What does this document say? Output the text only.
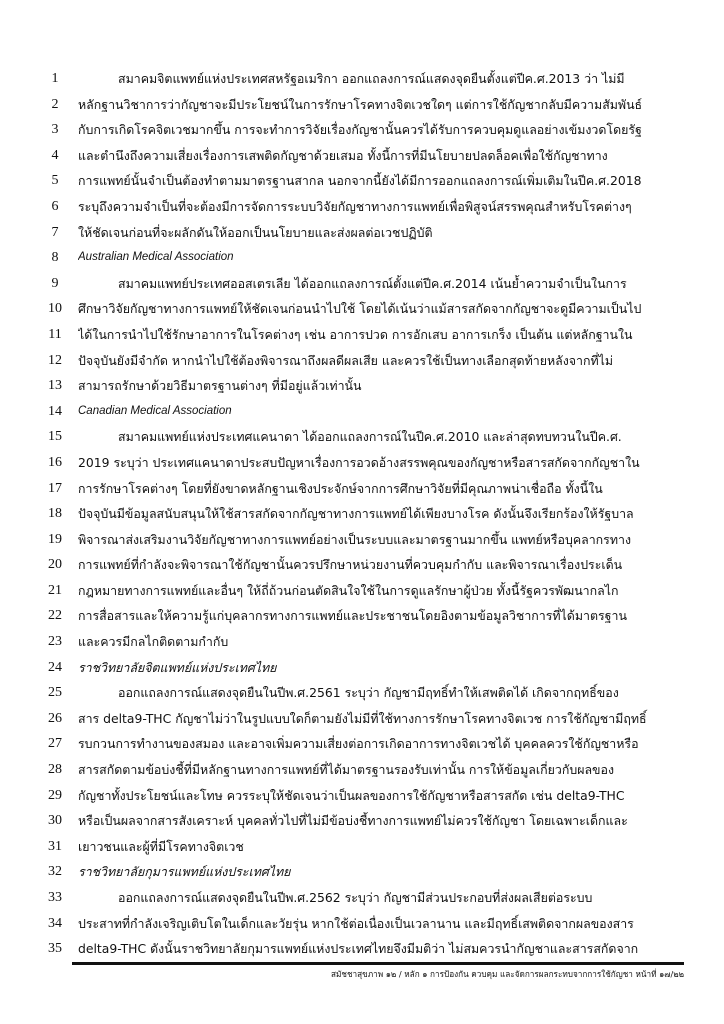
1	สมาคมจิตแพทย์แห่งประเทศสหรัฐอเมริกา ออกแถลงการณ์แสดงจุดยืนตั้งแต่ปีค.ศ.2013 ว่า ไม่มี
2	หลักฐานวิชาการว่ากัญชาจะมีประโยชน์ในการรักษาโรคทางจิตเวชใดๆ แต่การใช้กัญชากลับมีความสัมพันธ์
3	กับการเกิดโรคจิตเวชมากขึ้น การจะทำการวิจัยเรื่องกัญชานั้นควรได้รับการควบคุมดูแลอย่างเข้มงวดโดยรัฐ
4	และตำนึงถึงความเสี่ยงเรื่องการเสพติดกัญชาด้วยเสมอ ทั้งนี้การที่มีนโยบายปลดล็อคเพื่อใช้กัญชาทาง
5	การแพทย์นั้นจำเป็นต้องทำตามมาตรฐานสากล นอกจากนี้ยังได้มีการออกแถลงการณ์เพิ่มเติมในปีค.ศ.2018
6	ระบุถึงความจำเป็นที่จะต้องมีการจัดการระบบวิจัยกัญชาทางการแพทย์เพื่อพิสูจน์สรรพคุณสำหรับโรคต่างๆ
7	ให้ชัดเจนก่อนที่จะผลักดันให้ออกเป็นนโยบายและส่งผลต่อเวชปฏิบัติ
8	Australian Medical Association
9	สมาคมแพทย์ประเทศออสเตรเลีย ได้ออกแถลงการณ์ตั้งแต่ปีค.ศ.2014 เน้นย้ำความจำเป็นในการ
10	ศึกษาวิจัยกัญชาทางการแพทย์ให้ชัดเจนก่อนนำไปใช้ โดยได้เน้นว่าแม้สารสกัดจากกัญชาจะดูมีความเป็นไป
11	ได้ในการนำไปใช้รักษาอาการในโรคต่างๆ เช่น อาการปวด การอักเสบ อาการเกร็ง เป็นต้น แต่หลักฐานใน
12	ปัจจุบันยังมีจำกัด หากนำไปใช้ต้องพิจารณาถึงผลดีผลเสีย และควรใช้เป็นทางเลือกสุดท้ายหลังจากที่ไม่
13	สามารถรักษาด้วยวิธีมาตรฐานต่างๆ ที่มีอยู่แล้วเท่านั้น
14	Canadian Medical Association
15	สมาคมแพทย์แห่งประเทศแคนาดา ได้ออกแถลงการณ์ในปีค.ศ.2010 และล่าสุดทบทวนในปีค.ศ.
16	2019 ระบุว่า ประเทศแคนาดาประสบปัญหาเรื่องการอวดอ้างสรรพคุณของกัญชาหรือสารสกัดจากกัญชาใน
17	การรักษาโรคต่างๆ โดยที่ยังขาดหลักฐานเชิงประจักษ์จากการศึกษาวิจัยที่มีคุณภาพน่าเชื่อถือ ทั้งนี้ใน
18	ปัจจุบันมีข้อมูลสนับสนุนให้ใช้สารสกัดจากกัญชาทางการแพทย์ได้เพียงบางโรค ดังนั้นจึงเรียกร้องให้รัฐบาล
19	พิจารณาส่งเสริมงานวิจัยกัญชาทางการแพทย์อย่างเป็นระบบและมาตรฐานมากขึ้น แพทย์หรือบุคลากรทาง
20	การแพทย์ที่กำลังจะพิจารณาใช้กัญชานั้นควรปรึกษาหน่วยงานที่ควบคุมกำกับ และพิจารณาเรื่องประเด็น
21	กฎหมายทางการแพทย์และอื่นๆ ให้ถี่ถ้วนก่อนตัดสินใจใช้ในการดูแลรักษาผู้ป่วย ทั้งนี้รัฐควรพัฒนากลไก
22	การสื่อสารและให้ความรู้แก่บุคลากรทางการแพทย์และประชาชนโดยอิงตามข้อมูลวิชาการที่ได้มาตรฐาน
23	และควรมีกลไกติดตามกำกับ
24	ราชวิทยาลัยจิตแพทย์แห่งประเทศไทย
25	ออกแถลงการณ์แสดงจุดยืนในปีพ.ศ.2561 ระบุว่า กัญชามีฤทธิ์ทำให้เสพติดได้ เกิดจากฤทธิ์ของ
26	สาร delta9-THC กัญชาไม่ว่าในรูปแบบใดก็ตามยังไม่มีที่ใช้ทางการรักษาโรคทางจิตเวช การใช้กัญชามีฤทธิ์
27	รบกวนการทำงานของสมอง และอาจเพิ่มความเสี่ยงต่อการเกิดอาการทางจิตเวชได้ บุคคลควรใช้กัญชาหรือ
28	สารสกัดตามข้อบ่งชี้ที่มีหลักฐานทางการแพทย์ที่ได้มาตรฐานรองรับเท่านั้น การให้ข้อมูลเกี่ยวกับผลของ
29	กัญชาทั้งประโยชน์และโทษ ควรระบุให้ชัดเจนว่าเป็นผลของการใช้กัญชาหรือสารสกัด เช่น delta9-THC
30	หรือเป็นผลจากสารสังเคราะห์ บุคคลทั่วไปที่ไม่มีข้อบ่งชี้ทางการแพทย์ไม่ควรใช้กัญชา โดยเฉพาะเด็กและ
31	เยาวชนและผู้ที่มีโรคทางจิตเวช
32	ราชวิทยาลัยกุมารแพทย์แห่งประเทศไทย
33	ออกแถลงการณ์แสดงจุดยืนในปีพ.ศ.2562 ระบุว่า กัญชามีส่วนประกอบที่ส่งผลเสียต่อระบบ
34	ประสาทที่กำลังเจริญเติบโตในเด็กและวัยรุ่น หากใช้ต่อเนื่องเป็นเวลานาน และมีฤทธิ์เสพติดจากผลของสาร
35	delta9-THC ดังนั้นราชวิทยาลัยกุมารแพทย์แห่งประเทศไทยจึงมีมติว่า ไม่สมควรนำกัญชาและสารสกัดจาก
สมัชชาสุขภาพ ๑๒ / หลัก ๑ การป้องกัน ควบคุม และจัดการผลกระทบจากการใช้กัญชา หน้าที่ ๑๗/๒๒
